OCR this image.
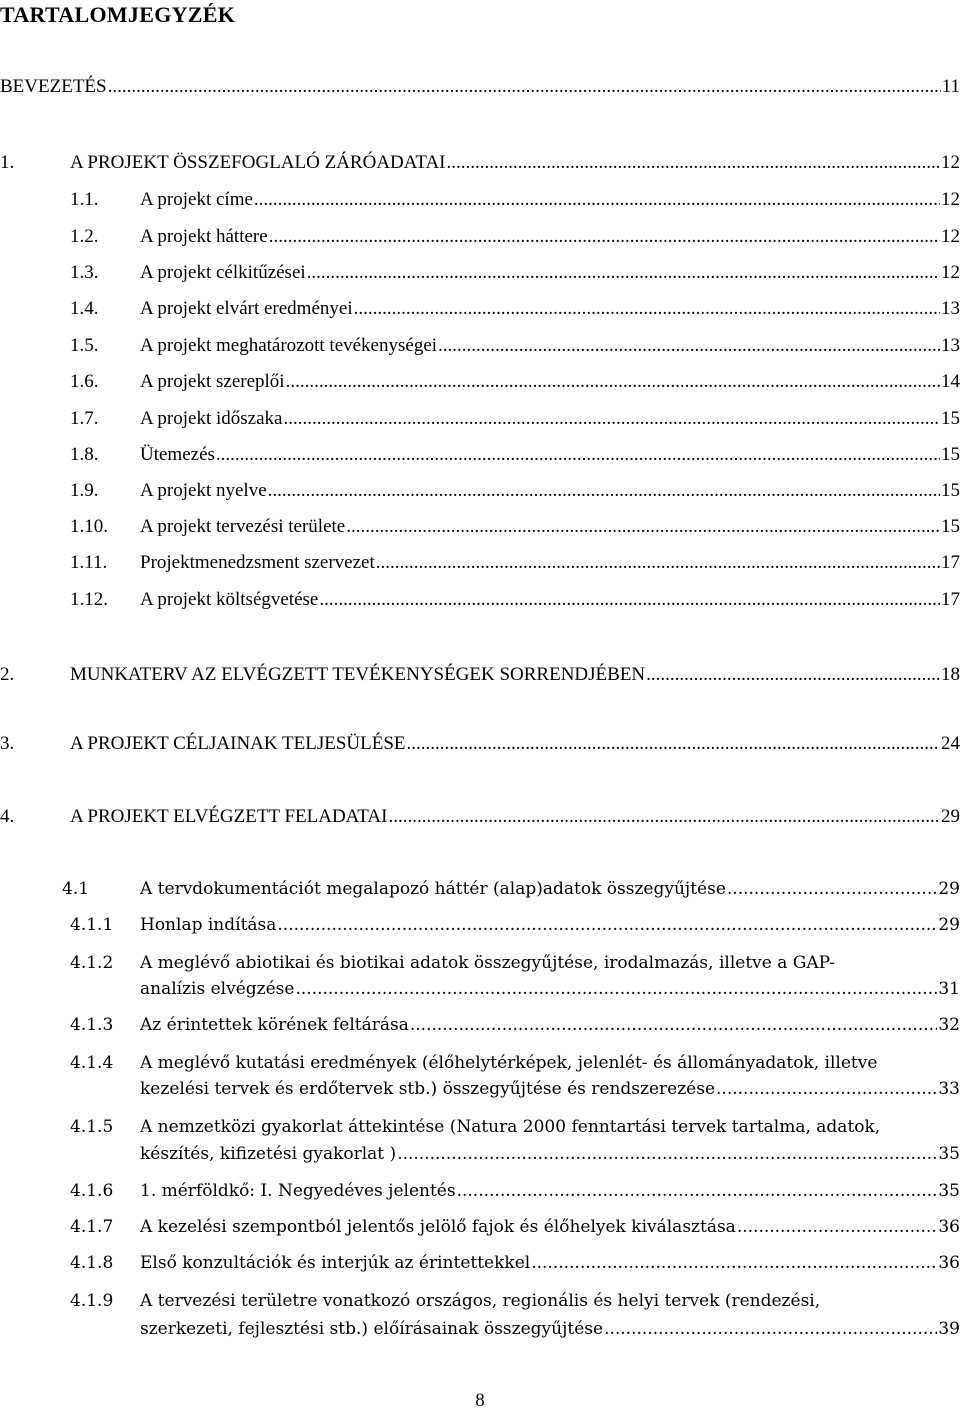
TARTALOMJEGYZÉK
BEVEZETÉS .....	11
1.	A PROJEKT ÖSSZEFOGLALÓ ZÁRÓADATAI .....	12
1.1.	A projekt címe .....	12
1.2.	A projekt háttere .....	12
1.3.	A projekt célkitűzései .....	12
1.4.	A projekt elvárt eredményei .....	13
1.5.	A projekt meghatározott tevékenységei .....	13
1.6.	A projekt szereplői .....	14
1.7.	A projekt időszaka .....	15
1.8.	Ütemezés .....	15
1.9.	A projekt nyelve .....	15
1.10.	A projekt tervezési területe .....	15
1.11.	Projektmenedzsment szervezet .....	17
1.12.	A projekt költségvetése .....	17
2.	MUNKATERV AZ ELVÉGZETT TEVÉKENYSÉGEK SORRENDJÉBEN .....	18
3.	A PROJEKT CÉLJAINAK TELJESÜLÉSE .....	24
4.	A PROJEKT ELVÉGZETT FELADATAI .....	29
4.1	A tervdokumentációt megalapozó háttér (alap)adatok összegyűjtése .....	29
4.1.1	Honlap indítása .....	29
4.1.2	A meglévő abiotikai és biotikai adatok összegyűjtése, irodalmazás, illetve a GAP-
analízis elvégzése .....	31
4.1.3	Az érintettek körének feltárása .....	32
4.1.4	A meglévő kutatási eredmények (élőhelytérképek, jelenlét- és állományadatok, illetve
kezelési tervek és erdőtervek stb.) összegyűjtése és rendszerezése .....	33
4.1.5	A nemzetközi gyakorlat áttekintése (Natura 2000 fenntartási tervek tartalma, adatok,
készítés, kifizetési gyakorlat ) .....	35
4.1.6	1. mérföldkő: I. Negyedéves jelentés .....	35
4.1.7	A kezelési szempontból jelentős jelölő fajok és élőhelyek kiválasztása .....	36
4.1.8	Első konzultációk és interjúk az érintettekkel .....	36
4.1.9	A tervezési területre vonatkozó országos, regionális és helyi tervek (rendezési,
szerkezeti, fejlesztési stb.) előírásainak összegyűjtése .....	39
8
